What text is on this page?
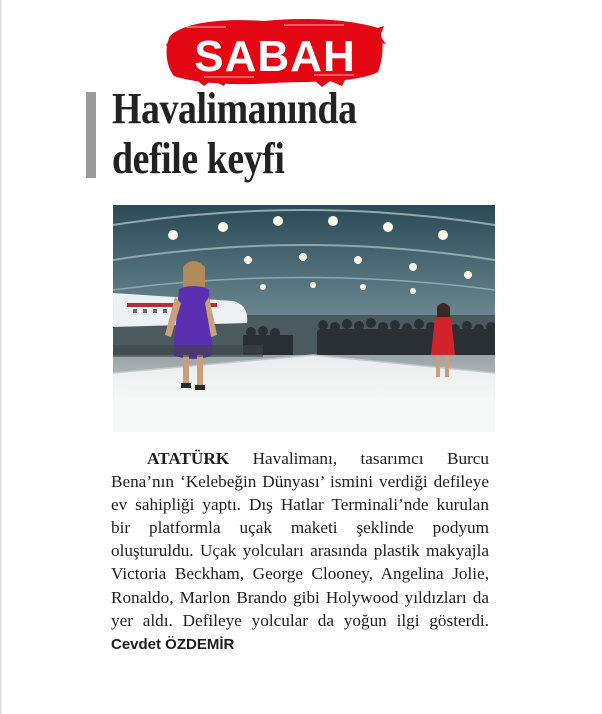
SABAH
Havalimanında
defile keyfi

ATATÜRK Havalimanı, tasarımcı Burcu Bena’nın ‘Kelebeğin Dünyası’ ismini verdiği defileye ev sahipliği yaptı. Dış Hatlar Terminali’nde kurulan bir platformla uçak maketi şeklinde podyum oluşturuldu. Uçak yolcuları arasında plastik makyajla Victoria Beckham, George Clooney, Angelina Jolie, Ronaldo, Marlon Brando gibi Holywood yıldızları da yer aldı. Defileye yolcular da yoğun ilgi gösterdi. Cevdet ÖZDEMİR
